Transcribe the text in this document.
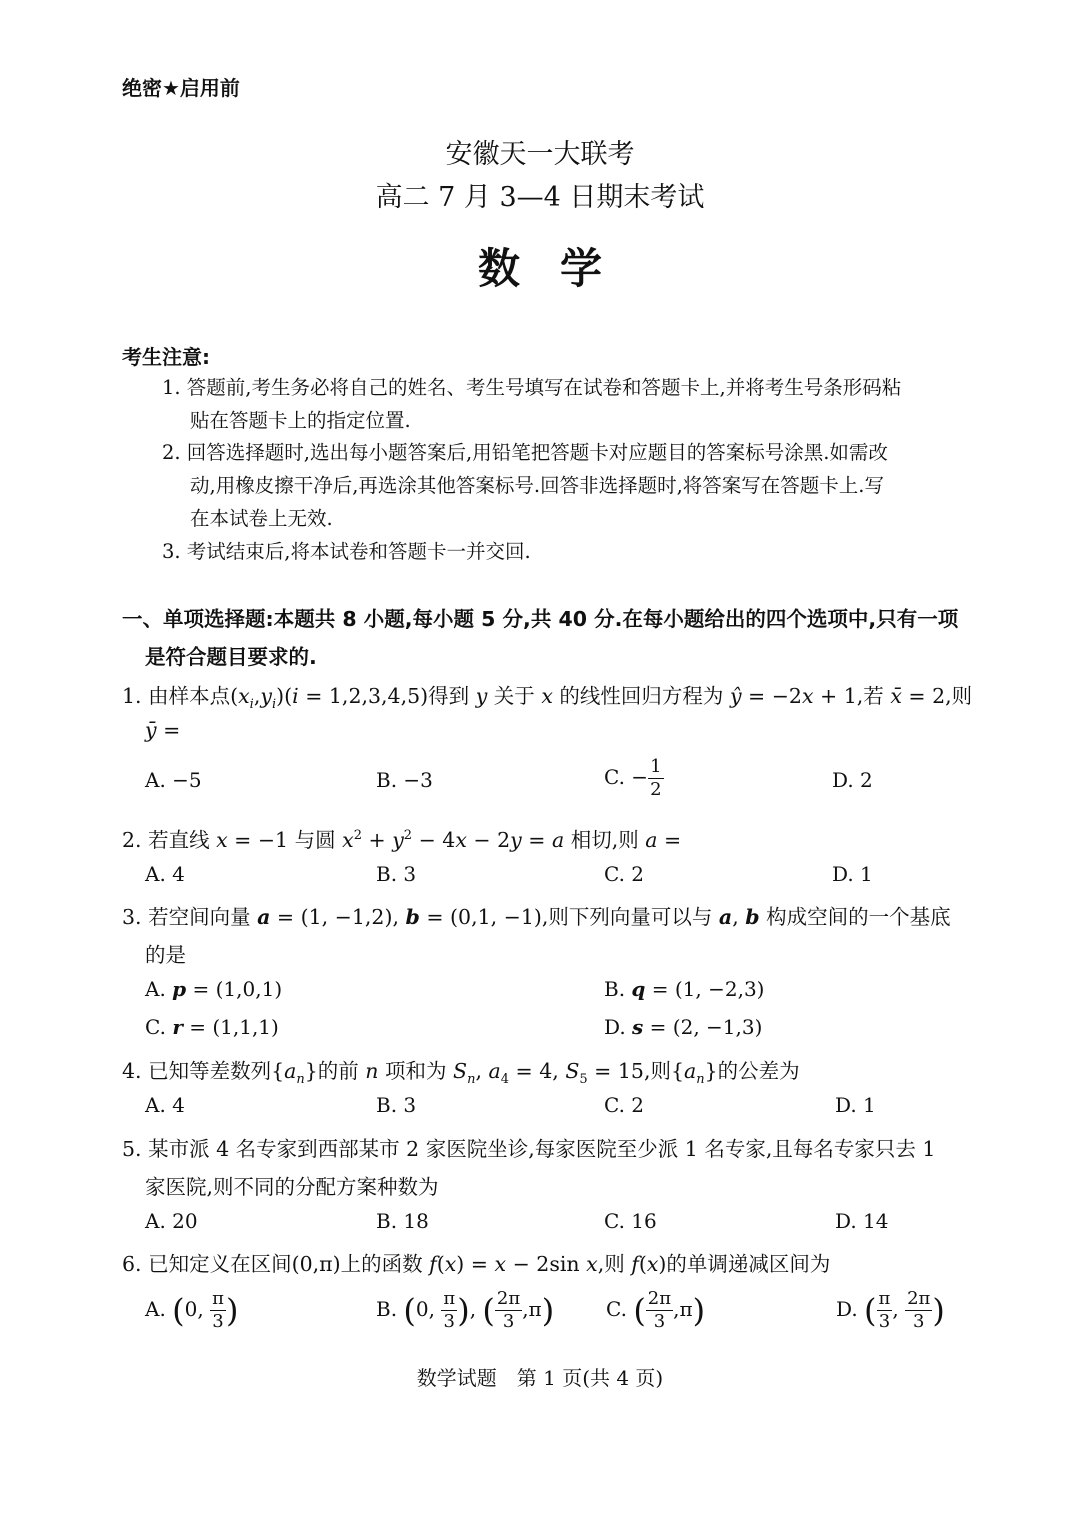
绝密★启用前
安徽天一大联考
高二 7 月 3—4 日期末考试
数学
考生注意:
1. 答题前,考生务必将自己的姓名、考生号填写在试卷和答题卡上,并将考生号条形码粘
贴在答题卡上的指定位置.
2. 回答选择题时,选出每小题答案后,用铅笔把答题卡对应题目的答案标号涂黑.如需改
动,用橡皮擦干净后,再选涂其他答案标号.回答非选择题时,将答案写在答题卡上.写
在本试卷上无效.
3. 考试结束后,将本试卷和答题卡一并交回.
一、单项选择题:本题共 8 小题,每小题 5 分,共 40 分.在每小题给出的四个选项中,只有一项
是符合题目要求的.
1. 由样本点$(x_i,y_i)(i = 1,2,3,4,5)$得到 y 关于 x 的线性回归方程为 ŷ = −2x + 1,若 x̄ = 2,则
ȳ =
A. −5	B. −3	C. − $\frac{1}{2}$	D. 2
2. 若直线 x = −1 与圆 $x^2 + y^2 - 4x - 2y = a$ 相切,则 a =
A. 4	B. 3	C. 2	D. 1
3. 若空间向量 a = (1, −1,2), b = (0,1, −1),则下列向量可以与 a, b 构成空间的一个基底
的是
A. p = (1,0,1)	B. q = (1, −2,3)
C. r = (1,1,1)	D. s = (2, −1,3)
4. 已知等差数列$\{a_n\}$的前 n 项和为 $S_n$, $a_4 = 4$, $S_5 = 15$,则$\{a_n\}$的公差为
A. 4	B. 3	C. 2	D. 1
5. 某市派 4 名专家到西部某市 2 家医院坐诊,每家医院至少派 1 名专家,且每名专家只去 1
家医院,则不同的分配方案种数为
A. 20	B. 18	C. 16	D. 14
6. 已知定义在区间(0,π)上的函数 f(x) = x − 2sin x,则 f(x)的单调递减区间为
A. (0, $\frac{\pi}{3}$ )	B. (0, $\frac{\pi}{3}$ ), ( $\frac{2\pi}{3} ,\pi$)	C. ( $\frac{2\pi}{3} ,\pi$)	D. ( $\frac{\pi}{3}$ , $\frac{2\pi}{3}$ )
数学试题　第 1 页(共 4 页)
